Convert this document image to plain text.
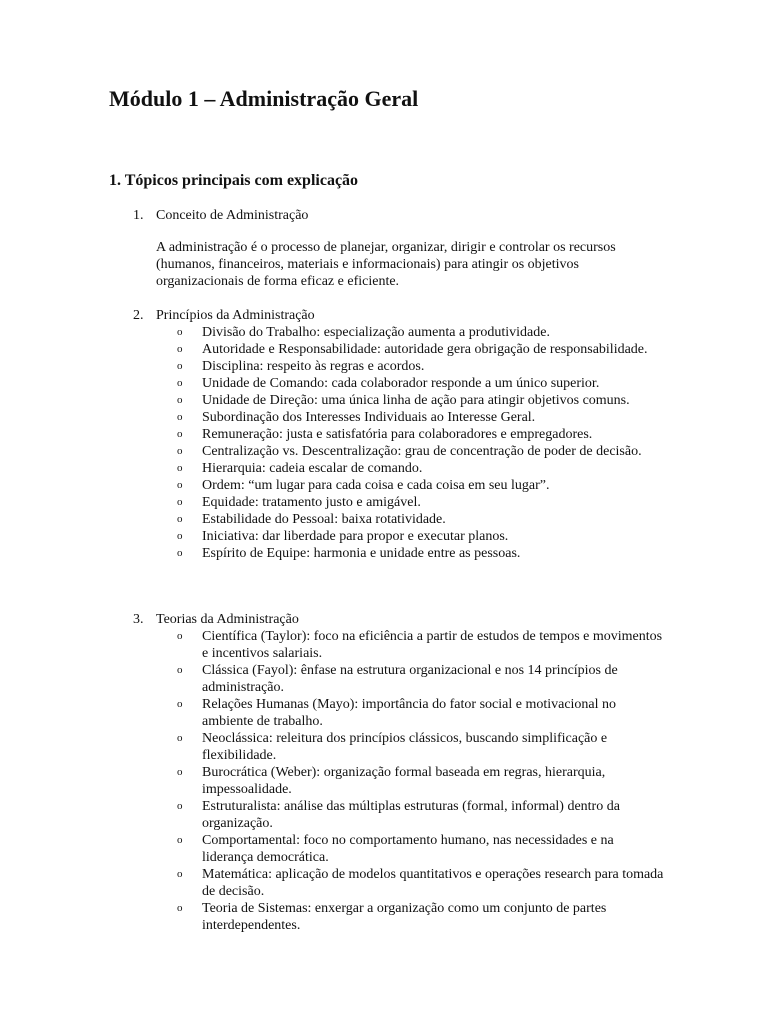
Módulo 1 – Administração Geral
1. Tópicos principais com explicação
1. Conceito de Administração

A administração é o processo de planejar, organizar, dirigir e controlar os recursos (humanos, financeiros, materiais e informacionais) para atingir os objetivos organizacionais de forma eficaz e eficiente.

2. Princípios da Administração
o Divisão do Trabalho: especialização aumenta a produtividade.
o Autoridade e Responsabilidade: autoridade gera obrigação de responsabilidade.
o Disciplina: respeito às regras e acordos.
o Unidade de Comando: cada colaborador responde a um único superior.
o Unidade de Direção: uma única linha de ação para atingir objetivos comuns.
o Subordinação dos Interesses Individuais ao Interesse Geral.
o Remuneração: justa e satisfatória para colaboradores e empregadores.
o Centralização vs. Descentralização: grau de concentração de poder de decisão.
o Hierarquia: cadeia escalar de comando.
o Ordem: “um lugar para cada coisa e cada coisa em seu lugar”.
o Equidade: tratamento justo e amigável.
o Estabilidade do Pessoal: baixa rotatividade.
o Iniciativa: dar liberdade para propor e executar planos.
o Espírito de Equipe: harmonia e unidade entre as pessoas.
3. Teorias da Administração
o Científica (Taylor): foco na eficiência a partir de estudos de tempos e movimentos e incentivos salariais.
o Clássica (Fayol): ênfase na estrutura organizacional e nos 14 princípios de administração.
o Relações Humanas (Mayo): importância do fator social e motivacional no ambiente de trabalho.
o Neoclássica: releitura dos princípios clássicos, buscando simplificação e flexibilidade.
o Burocrática (Weber): organização formal baseada em regras, hierarquia, impessoalidade.
o Estruturalista: análise das múltiplas estruturas (formal, informal) dentro da organização.
o Comportamental: foco no comportamento humano, nas necessidades e na liderança democrática.
o Matemática: aplicação de modelos quantitativos e operações research para tomada de decisão.
o Teoria de Sistemas: enxergar a organização como um conjunto de partes interdependentes.
